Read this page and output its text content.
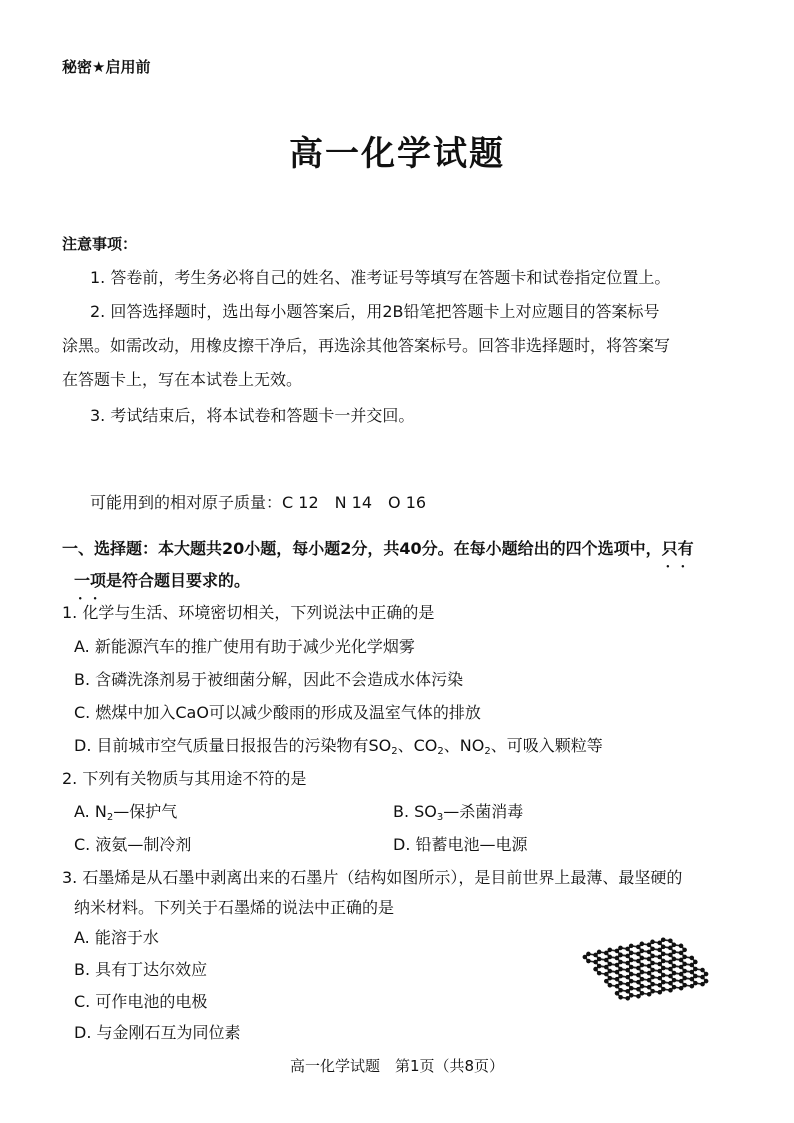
秘密★启用前
高一化学试题
注意事项：
1. 答卷前，考生务必将自己的姓名、准考证号等填写在答题卡和试卷指定位置上。
2. 回答选择题时，选出每小题答案后，用2B铅笔把答题卡上对应题目的答案标号
涂黑。如需改动，用橡皮擦干净后，再选涂其他答案标号。回答非选择题时，将答案写
在答题卡上，写在本试卷上无效。
3. 考试结束后，将本试卷和答题卡一并交回。
可能用到的相对原子质量：C 12　N 14　O 16
一、选择题：本大题共20小题，每小题2分，共40分。在每小题给出的四个选项中，只有 • •
一项 • •是符合题目要求的。
1. 化学与生活、环境密切相关，下列说法中正确的是
A. 新能源汽车的推广使用有助于减少光化学烟雾
B. 含磷洗涤剂易于被细菌分解，因此不会造成水体污染
C. 燃煤中加入CaO可以减少酸雨的形成及温室气体的排放
D. 目前城市空气质量日报报告的污染物有$SO_2$、$CO_2$、$NO_2$、可吸入颗粒等
2. 下列有关物质与其用途不符的是
A. $N_2—$保护气	B. $SO_3—$杀菌消毒
C. 液氨—制冷剂	D. 铅蓄电池—电源
3. 石墨烯是从石墨中剥离出来的石墨片（结构如图所示），是目前世界上最薄、最坚硬的
纳米材料。下列关于石墨烯的说法中正确的是
A. 能溶于水
B. 具有丁达尔效应
C. 可作电池的电极
D. 与金刚石互为同位素
高一化学试题　第1页（共8页）
